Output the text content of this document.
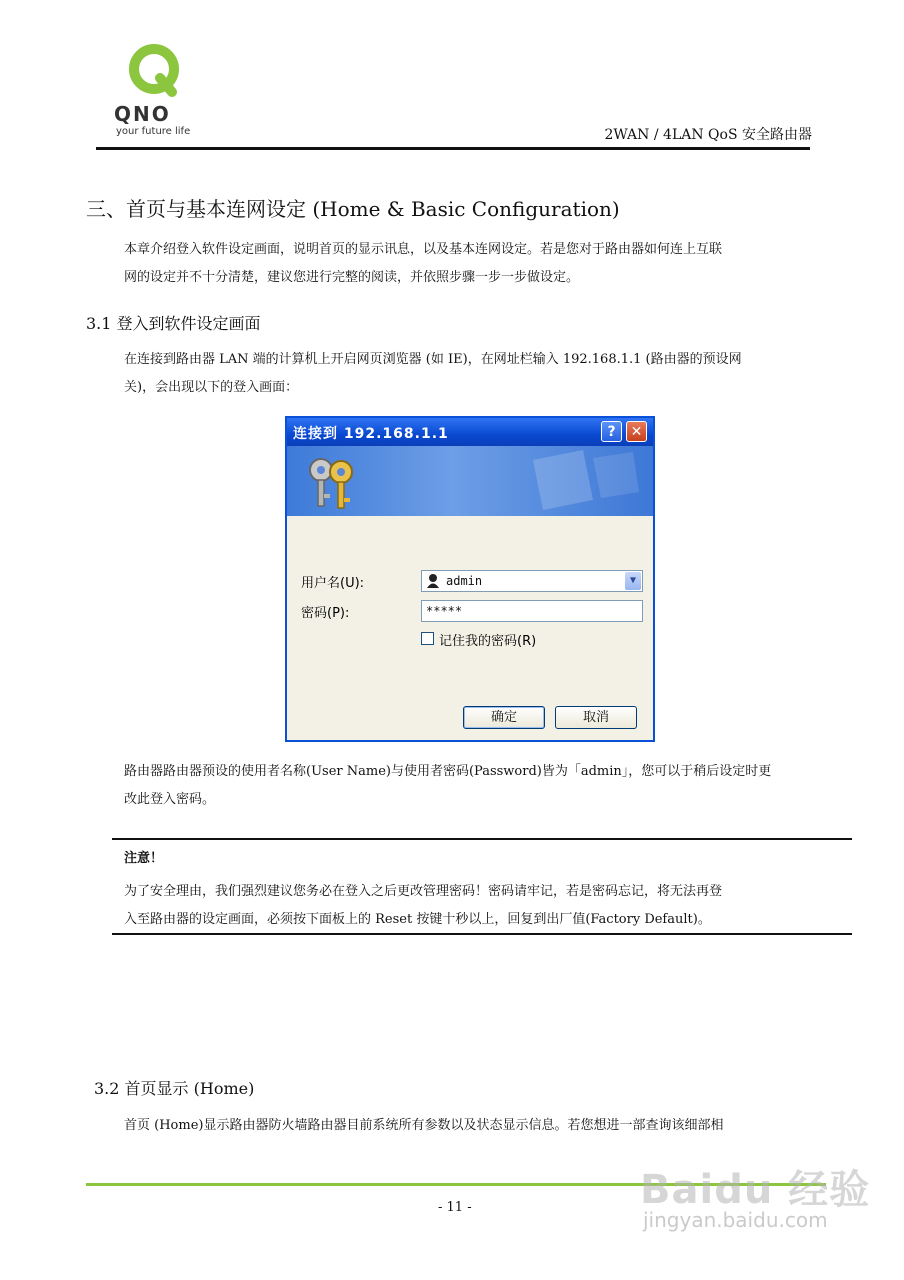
QNO
your future life	2WAN / 4LAN QoS 安全路由器
三、首页与基本连网设定 (Home & Basic Configuration)
本章介绍登入软件设定画面，说明首页的显示讯息，以及基本连网设定。若是您对于路由器如何连上互联
网的设定并不十分清楚，建议您进行完整的阅读，并依照步骤一步一步做设定。
3.1 登入到软件设定画面
在连接到路由器 LAN 端的计算机上开启网页浏览器 (如 IE)，在网址栏输入 192.168.1.1 (路由器的预设网
关)，会出现以下的登入画面：
连接到 192.168.1.1	?	✕
用户名(U):	admin	▼
密码(P):	*****
记住我的密码(R)
确定	取消
路由器路由器预设的使用者名称(User Name)与使用者密码(Password)皆为「admin」，您可以于稍后设定时更
改此登入密码。
注意！
为了安全理由，我们强烈建议您务必在登入之后更改管理密码！密码请牢记，若是密码忘记，将无法再登
入至路由器的设定画面，必须按下面板上的 Reset 按键十秒以上，回复到出厂值(Factory Default)。
3.2 首页显示 (Home)
首页 (Home)显示路由器防火墙路由器目前系统所有参数以及状态显示信息。若您想进一部查询该细部相
- 11 -	Baidu 经验
jingyan.baidu.com
